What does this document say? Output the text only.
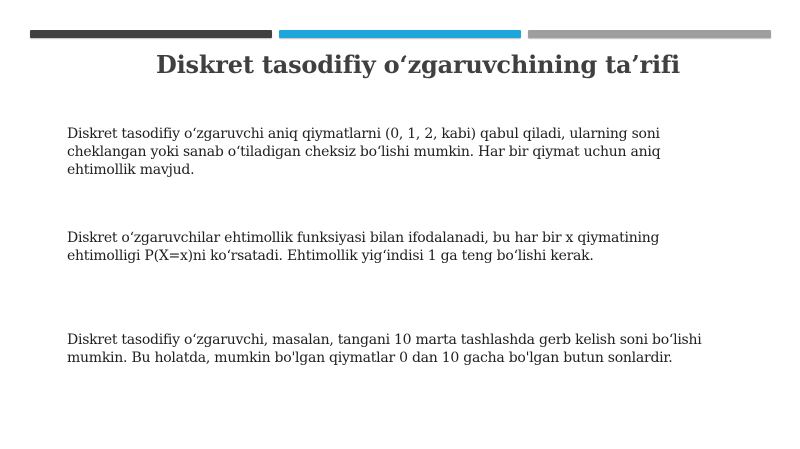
Diskret tasodifiy o‘zgaruvchining ta’rifi
Diskret tasodifiy o‘zgaruvchi aniq qiymatlarni (0, 1, 2, kabi) qabul qiladi, ularning soni cheklangan yoki sanab o‘tiladigan cheksiz bo‘lishi mumkin. Har bir qiymat uchun aniq ehtimollik mavjud.
Diskret o‘zgaruvchilar ehtimollik funksiyasi bilan ifodalanadi, bu har bir x qiymatining ehtimolligi P(X=x)ni ko‘rsatadi. Ehtimollik yig‘indisi 1 ga teng bo‘lishi kerak.
Diskret tasodifiy o‘zgaruvchi, masalan, tangani 10 marta tashlashda gerb kelish soni bo‘lishi mumkin. Bu holatda, mumkin bo'lgan qiymatlar 0 dan 10 gacha bo'lgan butun sonlardir.
